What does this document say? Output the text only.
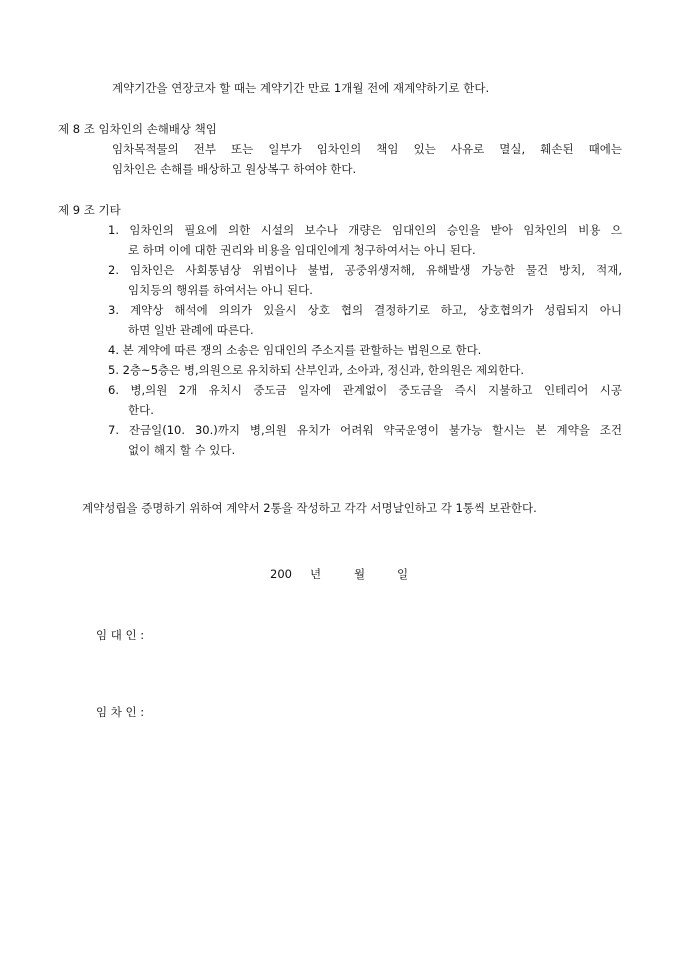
계약기간을 연장코자 할 때는 계약기간 만료 1개월 전에 재계약하기로 한다.
제 8 조 임차인의 손해배상 책임
임차목적물의 전부 또는 일부가 임차인의 책임 있는 사유로 멸실, 훼손된 때에는
임차인은 손해를 배상하고 원상복구 하여야 한다.
제 9 조 기타
1. 임차인의 필요에 의한 시설의 보수나 개량은 임대인의 승인을 받아 임차인의 비용 으
로 하며 이에 대한 권리와 비용을 임대인에게 청구하여서는 아니 된다.
2. 임차인은 사회통념상 위법이나 불법, 공중위생저해, 유해발생 가능한 물건 방치, 적재,
임치등의 행위를 하여서는 아니 된다.
3. 계약상 해석에 의의가 있을시 상호 협의 결정하기로 하고, 상호협의가 성립되지 아니
하면 일반 관례에 따른다.
4. 본 계약에 따른 쟁의 소송은 임대인의 주소지를 관할하는 법원으로 한다.
5. 2층~5층은 병,의원으로 유치하되 산부인과, 소아과, 정신과, 한의원은 제외한다.
6. 병,의원 2개 유치시 중도금 일자에 관계없이 중도금을 즉시 지불하고 인테리어 시공
한다.
7. 잔금일(10. 30.)까지 병,의원 유치가 어려워 약국운영이 불가능 할시는 본 계약을 조건
없이 해지 할 수 있다.
계약성립을 증명하기 위하여 계약서 2통을 작성하고 각각 서명날인하고 각 1통씩 보관한다.
200 년	월	일
임 대 인 :
임 차 인 :
